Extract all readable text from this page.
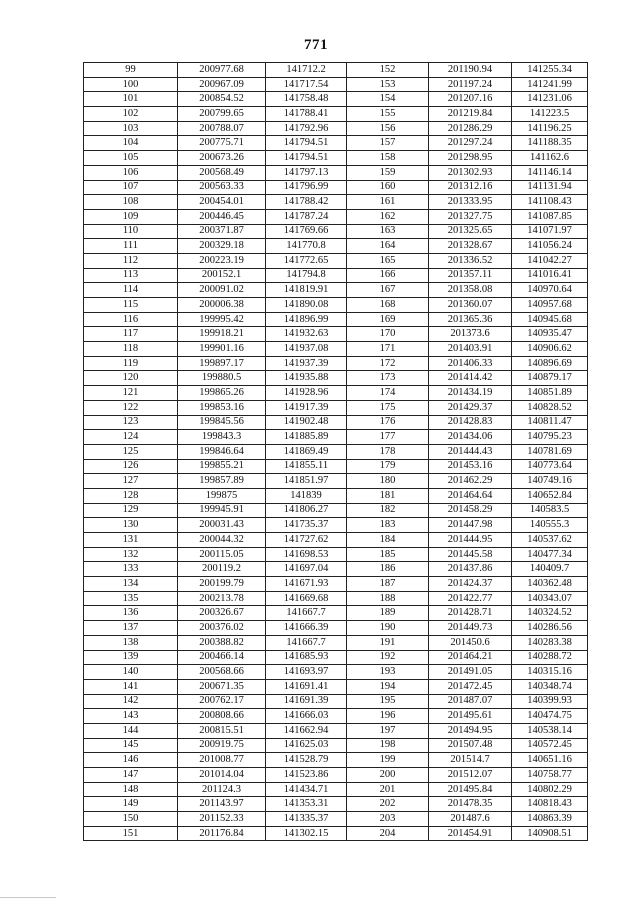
771
99	200977.68	141712.2	152	201190.94	141255.34
100	200967.09	141717.54	153	201197.24	141241.99
101	200854.52	141758.48	154	201207.16	141231.06
102	200799.65	141788.41	155	201219.84	141223.5
103	200788.07	141792.96	156	201286.29	141196.25
104	200775.71	141794.51	157	201297.24	141188.35
105	200673.26	141794.51	158	201298.95	141162.6
106	200568.49	141797.13	159	201302.93	141146.14
107	200563.33	141796.99	160	201312.16	141131.94
108	200454.01	141788.42	161	201333.95	141108.43
109	200446.45	141787.24	162	201327.75	141087.85
110	200371.87	141769.66	163	201325.65	141071.97
111	200329.18	141770.8	164	201328.67	141056.24
112	200223.19	141772.65	165	201336.52	141042.27
113	200152.1	141794.8	166	201357.11	141016.41
114	200091.02	141819.91	167	201358.08	140970.64
115	200006.38	141890.08	168	201360.07	140957.68
116	199995.42	141896.99	169	201365.36	140945.68
117	199918.21	141932.63	170	201373.6	140935.47
118	199901.16	141937.08	171	201403.91	140906.62
119	199897.17	141937.39	172	201406.33	140896.69
120	199880.5	141935.88	173	201414.42	140879.17
121	199865.26	141928.96	174	201434.19	140851.89
122	199853.16	141917.39	175	201429.37	140828.52
123	199845.56	141902.48	176	201428.83	140811.47
124	199843.3	141885.89	177	201434.06	140795.23
125	199846.64	141869.49	178	201444.43	140781.69
126	199855.21	141855.11	179	201453.16	140773.64
127	199857.89	141851.97	180	201462.29	140749.16
128	199875	141839	181	201464.64	140652.84
129	199945.91	141806.27	182	201458.29	140583.5
130	200031.43	141735.37	183	201447.98	140555.3
131	200044.32	141727.62	184	201444.95	140537.62
132	200115.05	141698.53	185	201445.58	140477.34
133	200119.2	141697.04	186	201437.86	140409.7
134	200199.79	141671.93	187	201424.37	140362.48
135	200213.78	141669.68	188	201422.77	140343.07
136	200326.67	141667.7	189	201428.71	140324.52
137	200376.02	141666.39	190	201449.73	140286.56
138	200388.82	141667.7	191	201450.6	140283.38
139	200466.14	141685.93	192	201464.21	140288.72
140	200568.66	141693.97	193	201491.05	140315.16
141	200671.35	141691.41	194	201472.45	140348.74
142	200762.17	141691.39	195	201487.07	140399.93
143	200808.66	141666.03	196	201495.61	140474.75
144	200815.51	141662.94	197	201494.95	140538.14
145	200919.75	141625.03	198	201507.48	140572.45
146	201008.77	141528.79	199	201514.7	140651.16
147	201014.04	141523.86	200	201512.07	140758.77
148	201124.3	141434.71	201	201495.84	140802.29
149	201143.97	141353.31	202	201478.35	140818.43
150	201152.33	141335.37	203	201487.6	140863.39
151	201176.84	141302.15	204	201454.91	140908.51
